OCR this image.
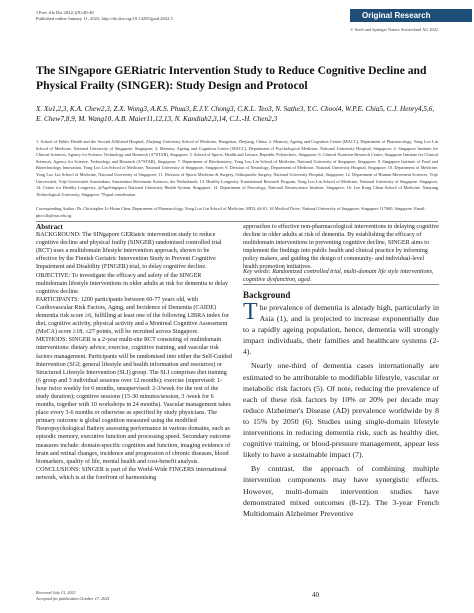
J Prev Alz Dis 2022;1(9):40-48
Published online January 11, 2022, http://dx.doi.org/10.14283/jpad.2022.5	Original Research
© Serdi and Springer Nature Switzerland AG 2022
The SINgapore GERiatric Intervention Study to Reduce Cognitive Decline and Physical Frailty (SINGER): Study Design and Protocol
X. Xu1,2,3, K.A. Chew2,3, Z.X. Wong3, A.K.S. Phua3, E.J.Y. Chong3, C.K.L. Teo3, N. Sathe3, Y.C. Chooi4, W.P.E. Chia5, C.J. Henry4,5,6, E. Chew7,8,9, M. Wang10, A.B. Maier11,12,13, N. Kandiah2,3,14, C.L.-H. Chen2,3
1. School of Public Health and the Second Affiliated Hospital, Zhejiang University School of Medicine, Hangzhou, Zhejiang, China; 2. Memory, Ageing and Cognition Centre (MACC), Department of Pharmacology, Yong Loo Lin School of Medicine, National University of Singapore, Singapore; 3. Memory, Ageing and Cognition Centre (MACC), Department of Psychological Medicine, National University Hospital, Singapore; 4. Singapore Institute for Clinical Sciences, Agency for Science, Technology and Research (A*STAR), Singapore; 5. School of Sports, Health and Leisure, Republic Polytechnic, Singapore; 6. Clinical Nutrition Research Centre, Singapore Institute for Clinical Sciences, Agency for Science, Technology and Research (A*STAR), Singapore; 7. Department of Biochemistry, Yong Loo Lin School of Medicine, National University of Singapore, Singapore; 8. Singapore Institute of Food and Biotechnology Innovation, Yong Loo Lin School of Medicine, National University of Singapore, Singapore; 9. Division of Neurology, Department of Medicine, National University Hospital, Singapore; 10. Department of Medicine, Yong Loo Lin School of Medicine, National University of Singapore; 11. Division of Sports Medicine & Surgery, Orthopaedic Surgery, National University Hospital, Singapore; 12. Department of Human Movement Sciences, Vrije Universiteit, Vrije Universiteit Amsterdam, Amsterdam Movement Sciences, the Netherlands; 13. Healthy Longevity Translational Research Program, Yong Loo Lin School of Medicine, National University of Singapore, Singapore; 14. Centre for Healthy Longevity, @AgeSingapore National University Health System, Singapore; 14. Department of Neurology, National Neuroscience Institute, Singapore; 16. Lee Kong Chian School of Medicine, Nanyang Technological University, Singapore; *Equal contribution
Corresponding Author: Dr. Christopher Li-Hsian Chen, Department of Pharmacology, Yong Loo Lin School of Medicine, MD3, #4-01, 16 Medical Drive, National University of Singapore, Singapore 117600, Singapore. Email: phccclh@nus.edu.sg
Abstract

BACKGROUND: The SINgapore GERiatric intervention study to reduce cognitive decline and physical frailty (SINGER) randomised controlled trial (RCT) uses a multidomain lifestyle intervention approach, shown to be effective by the Finnish Geriatric Intervention Study to Prevent Cognitive Impairment and Disability (FINGER) trial, to delay cognitive decline.

OBJECTIVE: To investigate the efficacy and safety of the SINGER multidomain lifestyle interventions in older adults at risk for dementia to delay cognitive decline.

PARTICIPANTS: 1200 participants between 60-77 years old, with Cardiovascular Risk Factors, Aging, and Incidence of Dementia (CAIDE) dementia risk score ≥6, fulfilling at least one of the following LIBRA index for diet, cognitive activity, physical activity and a Montreal Cognitive Assessment (MoCA) score ≥18, ≤27 points, will be recruited across Singapore.

METHODS: SINGER is a 2-year multi-site RCT consisting of multidomain interventions: dietary advice, exercise, cognitive training, and vascular risk factors management. Participants will be randomised into either the Self-Guided Intervention (SGI; general lifestyle and health information and resources) or Structured Lifestyle Intervention (SLI) group. The SLI comprises diet training (6 group and 3 individual sessions over 12 months); exercise (supervised: 1-hour twice weekly for 6 months, unsupervised: 2-3/week for the rest of the study duration); cognitive sessions (15-30 minutes/session, 3 /week for 6 months, together with 10 workshops in 24 months). Vascular management takes place every 3-6 months or otherwise as specified by study physicians. The primary outcome is global cognition measured using the modified Neuropsychological Battery assessing performance in various domains, such as episodic memory, executive function and processing speed. Secondary outcome measures include: domain-specific cognition and function, imaging evidence of brain and retinal changes, incidence and progression of chronic diseases, blood biomarkers, quality of life, mental health and cost-benefit analysis.

CONCLUSIONS: SINGER is part of the World-Wide FINGERS international network, which is at the forefront of harmonising

approaches to effective non-pharmacological interventions in delaying cognitive decline in older adults at risk of dementia. By establishing the efficacy of multidomain interventions in preventing cognitive decline, SINGER aims to implement the findings into public health and clinical practice by informing policy makers, and guiding the design of community- and individual-level health promotion initiatives.
Key words: Randomized controlled trial, multi-domain life style interventions, cognitive dysfunction, aged.
Background

The prevalence of dementia is already high, particularly in Asia (1), and is projected to increase exponentially due to a rapidly ageing population, hence, dementia will strongly impact individuals, their families and healthcare systems (2-4).

Nearly one-third of dementia cases internationally are estimated to be attributable to modifiable lifestyle, vascular or metabolic risk factors (5). Of note, reducing the prevalence of each of these risk factors by 10% or 20% per decade may reduce Alzheimer's Disease (AD) prevalence worldwide by 8 to 15% by 2050 (6). Studies using single-domain lifestyle interventions in reducing dementia risk, such as healthy diet, cognitive training, or blood-pressure management, appear less likely to have a sustainable impact (7).

By contrast, the approach of combining multiple intervention components may have synergistic effects. However, multi-domain intervention studies have demonstrated mixed outcomes (8-12). The 3-year French Multidomain Alzheimer Preventive

Received July 13, 2021
Accepted for publication October 17, 2021	40
